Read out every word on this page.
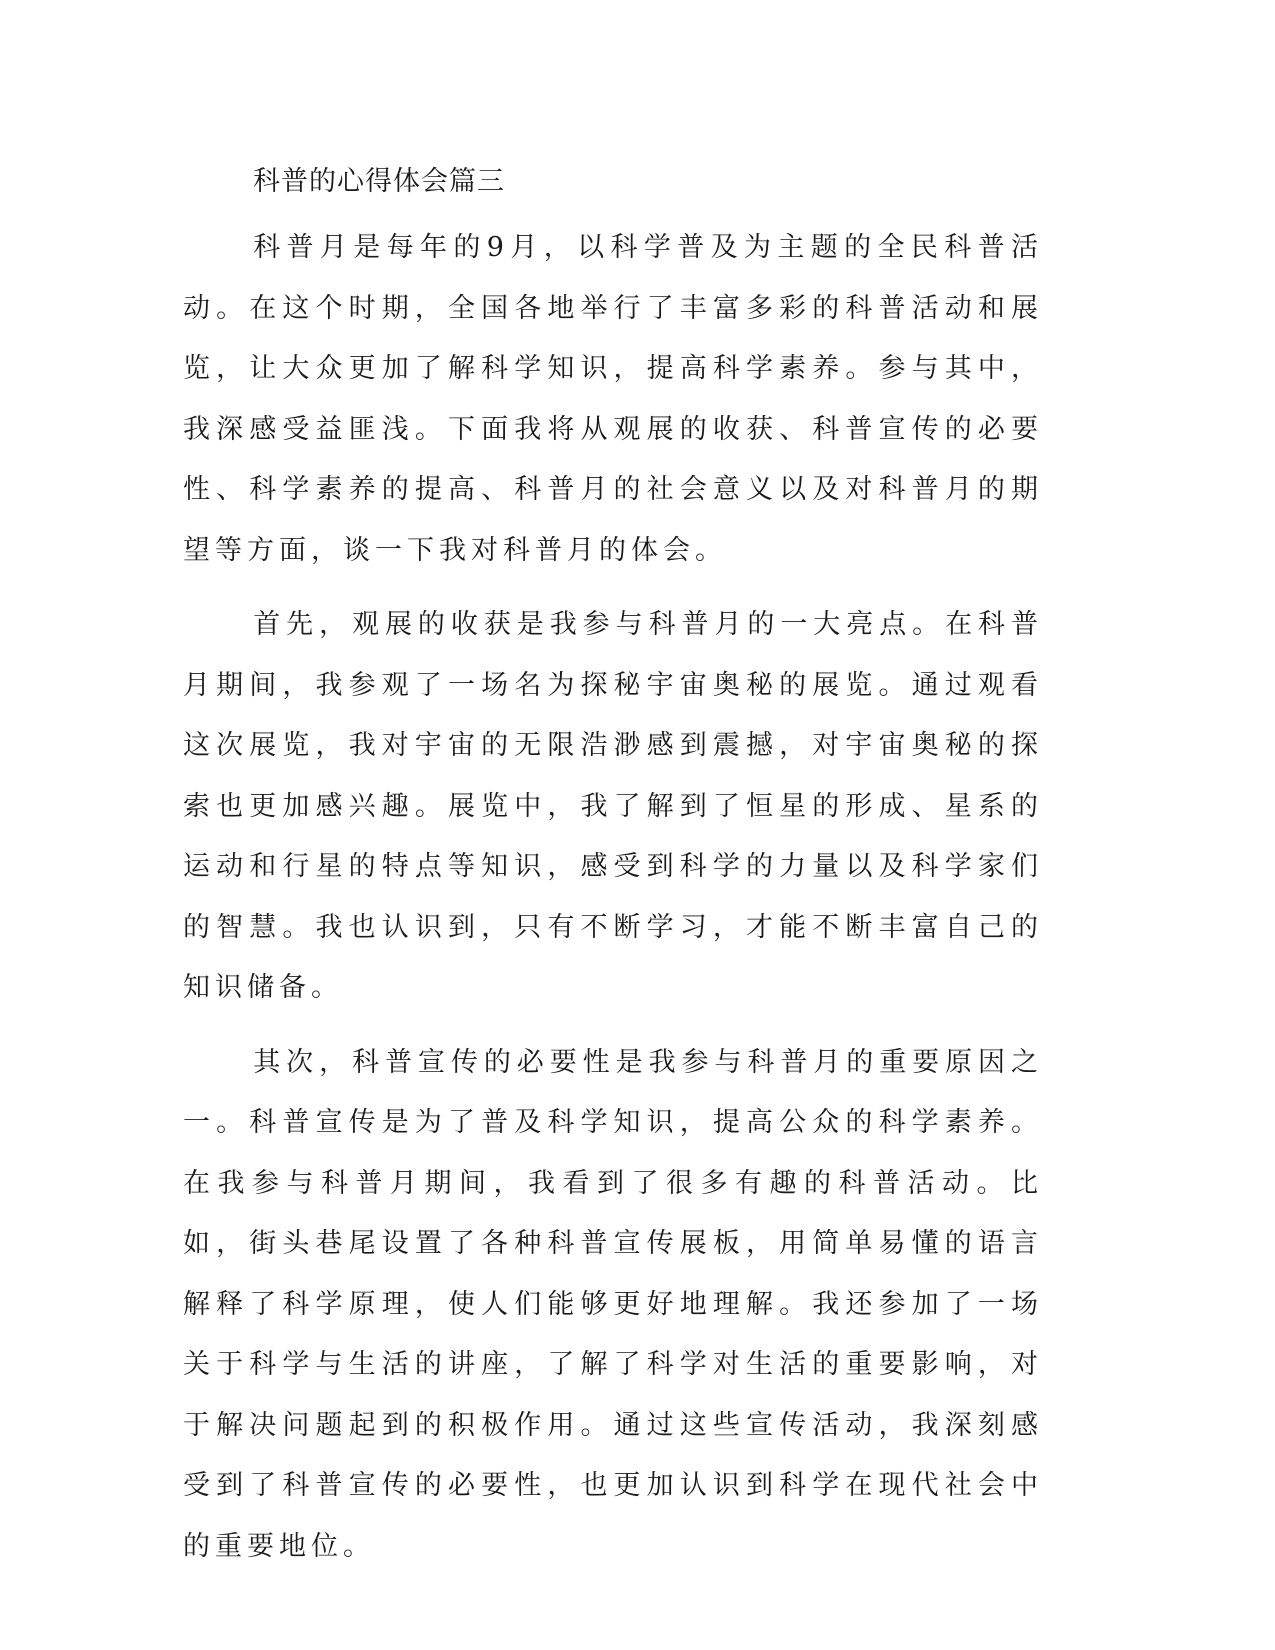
科普的心得体会篇三

科普月是每年的9月，以科学普及为主题的全民科普活动。在这个时期，全国各地举行了丰富多彩的科普活动和展览，让大众更加了解科学知识，提高科学素养。参与其中，我深感受益匪浅。下面我将从观展的收获、科普宣传的必要性、科学素养的提高、科普月的社会意义以及对科普月的期望等方面，谈一下我对科普月的体会。

首先，观展的收获是我参与科普月的一大亮点。在科普月期间，我参观了一场名为探秘宇宙奥秘的展览。通过观看这次展览，我对宇宙的无限浩渺感到震撼，对宇宙奥秘的探索也更加感兴趣。展览中，我了解到了恒星的形成、星系的运动和行星的特点等知识，感受到科学的力量以及科学家们的智慧。我也认识到，只有不断学习，才能不断丰富自己的知识储备。

其次，科普宣传的必要性是我参与科普月的重要原因之一。科普宣传是为了普及科学知识，提高公众的科学素养。在我参与科普月期间，我看到了很多有趣的科普活动。比如，街头巷尾设置了各种科普宣传展板，用简单易懂的语言解释了科学原理，使人们能够更好地理解。我还参加了一场关于科学与生活的讲座，了解了科学对生活的重要影响，对于解决问题起到的积极作用。通过这些宣传活动，我深刻感受到了科普宣传的必要性，也更加认识到科学在现代社会中的重要地位。
